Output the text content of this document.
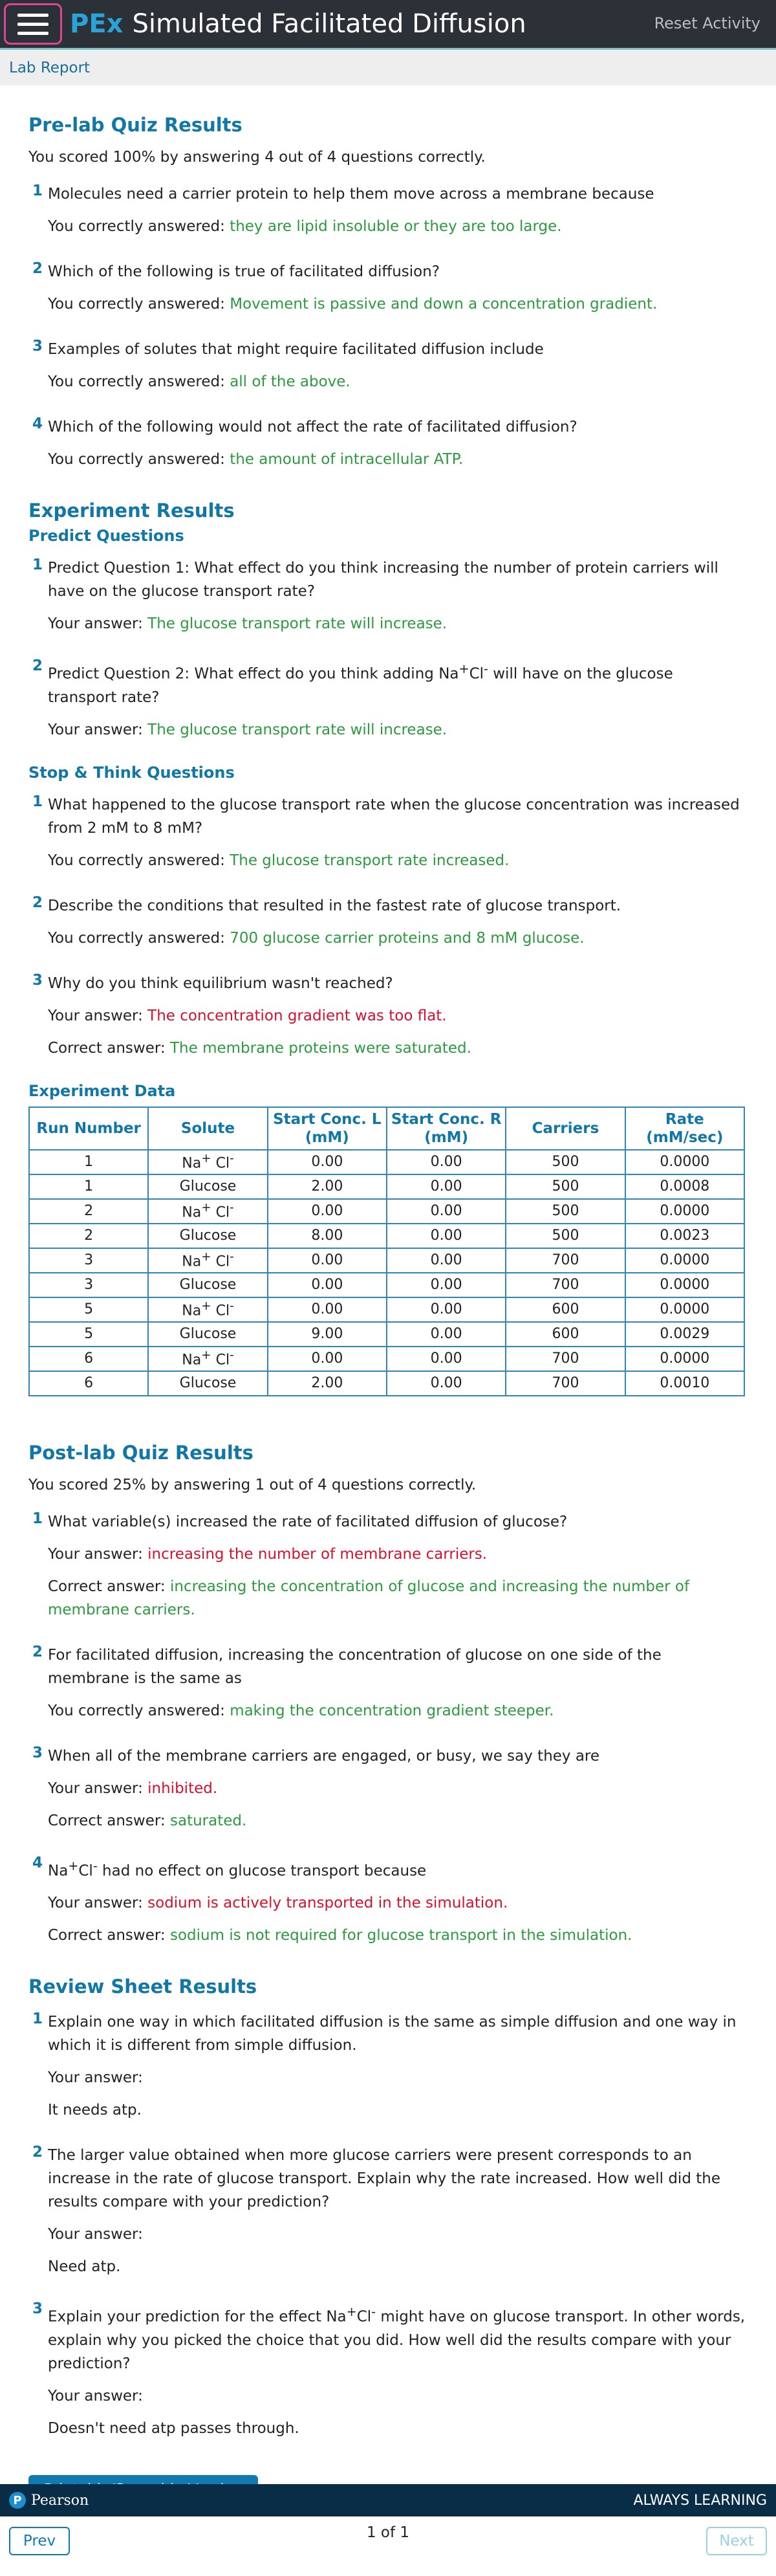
PEx Simulated Facilitated Diffusion	Reset Activity
Lab Report
Pre-lab Quiz Results
You scored 100% by answering 4 out of 4 questions correctly.
1 Molecules need a carrier protein to help them move across a membrane because
You correctly answered: they are lipid insoluble or they are too large.
2 Which of the following is true of facilitated diffusion?
You correctly answered: Movement is passive and down a concentration gradient.
3 Examples of solutes that might require facilitated diffusion include
You correctly answered: all of the above.
4 Which of the following would not affect the rate of facilitated diffusion?
You correctly answered: the amount of intracellular ATP.
Experiment Results
Predict Questions
1 Predict Question 1: What effect do you think increasing the number of protein carriers will have on the glucose transport rate?
Your answer: The glucose transport rate will increase.
2 Predict Question 2: What effect do you think adding Na+Cl- will have on the glucose transport rate?
Your answer: The glucose transport rate will increase.
Stop & Think Questions
1 What happened to the glucose transport rate when the glucose concentration was increased from 2 mM to 8 mM?
You correctly answered: The glucose transport rate increased.
2 Describe the conditions that resulted in the fastest rate of glucose transport.
You correctly answered: 700 glucose carrier proteins and 8 mM glucose.
3 Why do you think equilibrium wasn't reached?
Your answer: The concentration gradient was too flat.
Correct answer: The membrane proteins were saturated.
Experiment Data
Run Number	Solute	Start Conc. L (mM)	Start Conc. R (mM)	Carriers	Rate (mM/sec)
1	Na+ Cl-	0.00	0.00	500	0.0000
1	Glucose	2.00	0.00	500	0.0008
2	Na+ Cl-	0.00	0.00	500	0.0000
2	Glucose	8.00	0.00	500	0.0023
3	Na+ Cl-	0.00	0.00	700	0.0000
3	Glucose	0.00	0.00	700	0.0000
5	Na+ Cl-	0.00	0.00	600	0.0000
5	Glucose	9.00	0.00	600	0.0029
6	Na+ Cl-	0.00	0.00	700	0.0000
6	Glucose	2.00	0.00	700	0.0010
Post-lab Quiz Results
You scored 25% by answering 1 out of 4 questions correctly.
1 What variable(s) increased the rate of facilitated diffusion of glucose?
Your answer: increasing the number of membrane carriers.
Correct answer: increasing the concentration of glucose and increasing the number of membrane carriers.
2 For facilitated diffusion, increasing the concentration of glucose on one side of the membrane is the same as
You correctly answered: making the concentration gradient steeper.
3 When all of the membrane carriers are engaged, or busy, we say they are
Your answer: inhibited.
Correct answer: saturated.
4 Na+Cl- had no effect on glucose transport because
Your answer: sodium is actively transported in the simulation.
Correct answer: sodium is not required for glucose transport in the simulation.
Review Sheet Results
1 Explain one way in which facilitated diffusion is the same as simple diffusion and one way in which it is different from simple diffusion.
Your answer:
It needs atp.
2 The larger value obtained when more glucose carriers were present corresponds to an increase in the rate of glucose transport. Explain why the rate increased. How well did the results compare with your prediction?
Your answer:
Need atp.
3 Explain your prediction for the effect Na+Cl- might have on glucose transport. In other words, explain why you picked the choice that you did. How well did the results compare with your prediction?
Your answer:
Doesn't need atp passes through.
Prev	1 of 1	Next
P Pearson	ALWAYS LEARNING
